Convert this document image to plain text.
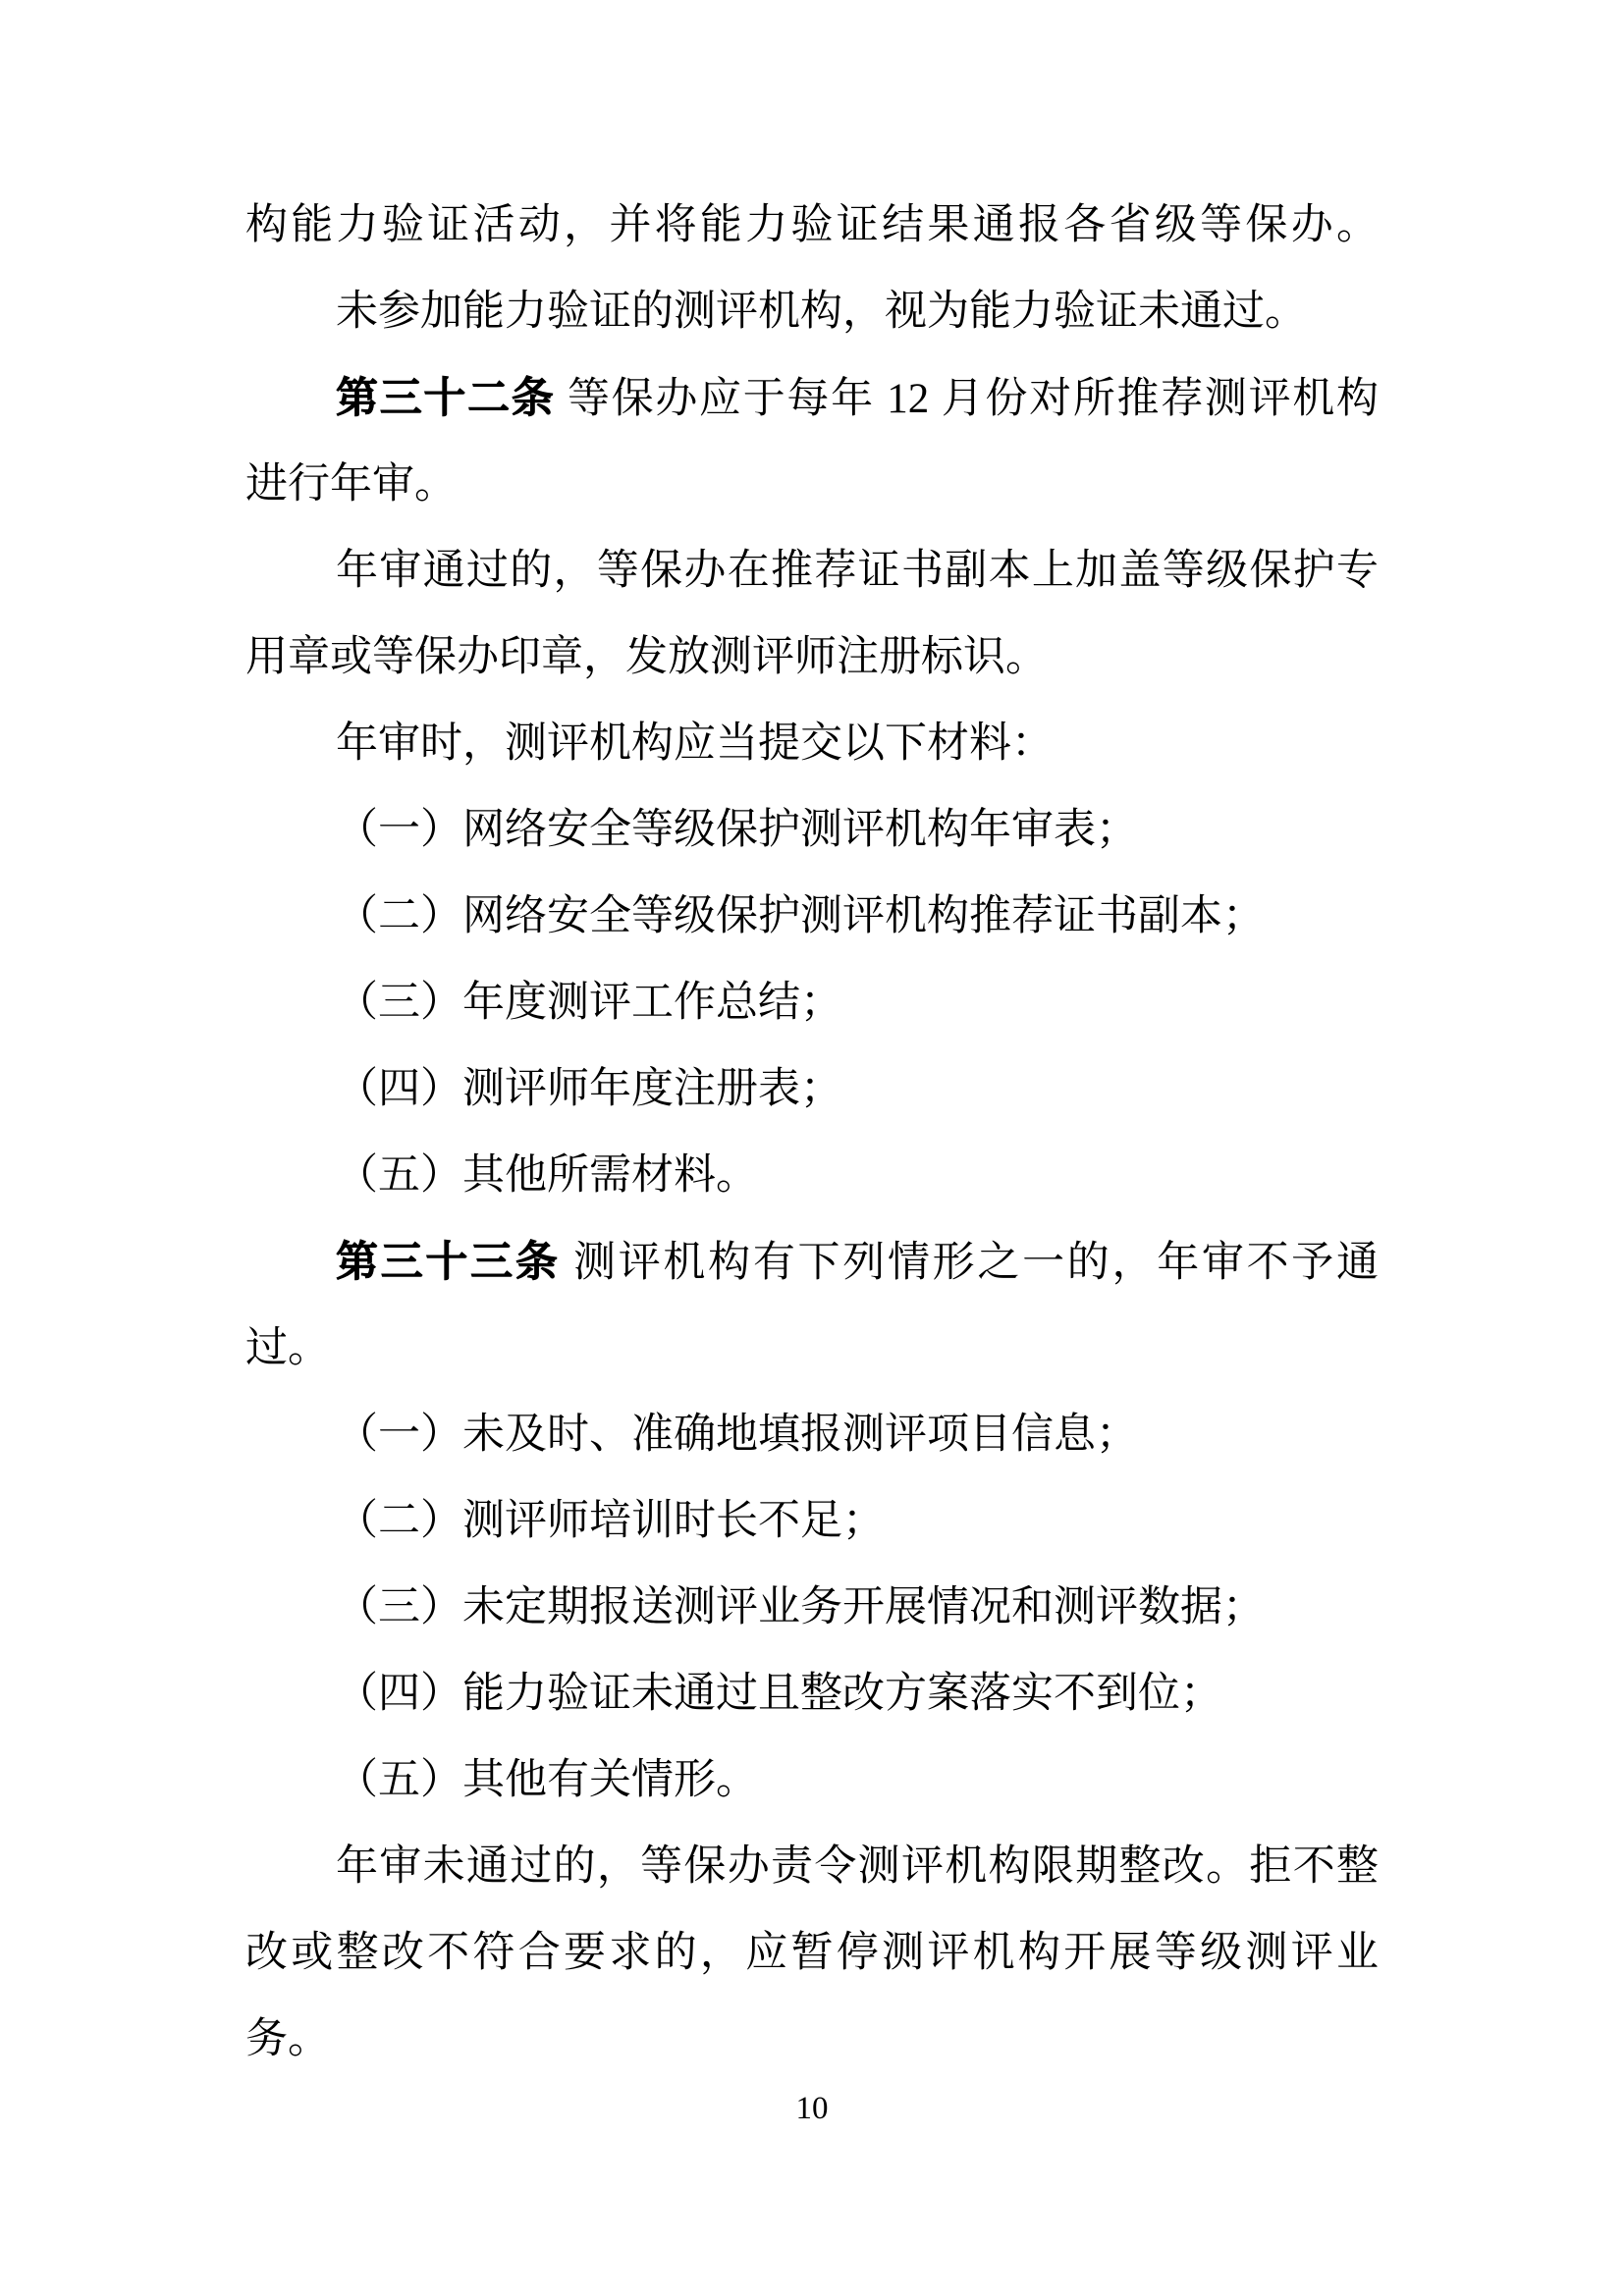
构能力验证活动，并将能力验证结果通报各省级等保办。
未参加能力验证的测评机构，视为能力验证未通过。
第三十二条 等保办应于每年 12 月份对所推荐测评机构
进行年审。
年审通过的，等保办在推荐证书副本上加盖等级保护专
用章或等保办印章，发放测评师注册标识。
年审时，测评机构应当提交以下材料：
（一）网络安全等级保护测评机构年审表；
（二）网络安全等级保护测评机构推荐证书副本；
（三）年度测评工作总结；
（四）测评师年度注册表；
（五）其他所需材料。
第三十三条 测评机构有下列情形之一的，年审不予通
过。
（一）未及时、准确地填报测评项目信息；
（二）测评师培训时长不足；
（三）未定期报送测评业务开展情况和测评数据；
（四）能力验证未通过且整改方案落实不到位；
（五）其他有关情形。
年审未通过的，等保办责令测评机构限期整改。拒不整
改或整改不符合要求的，应暂停测评机构开展等级测评业
务。
10
